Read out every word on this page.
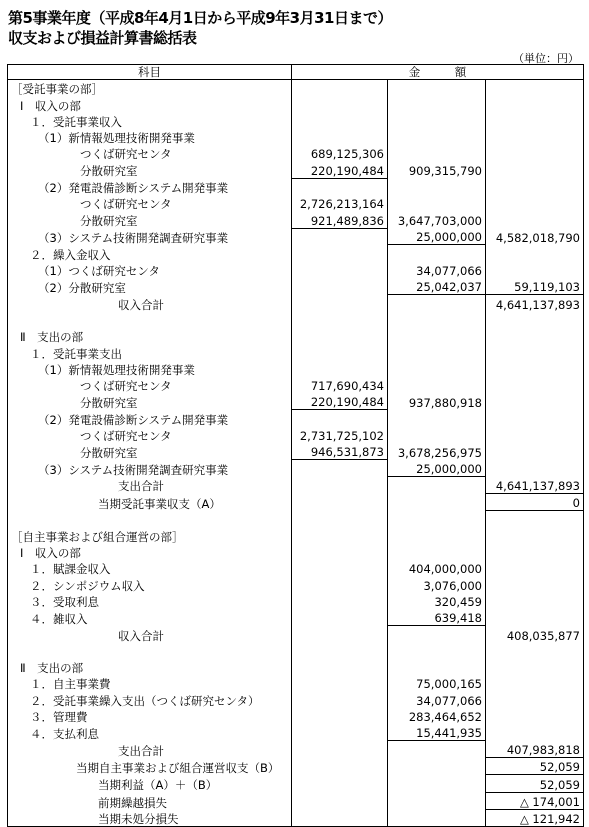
第5事業年度（平成8年4月1日から平成9年3月31日まで）
収支および損益計算書総括表
（単位：円）
科目	金　　　額		
［受託事業の部］			
Ⅰ　収入の部			
１．受託事業収入			
（1）新情報処理技術開発事業			
つくば研究センタ	689,125,306		
分散研究室	220,190,484	909,315,790	
（2）発電設備診断システム開発事業			
つくば研究センタ	2,726,213,164		
分散研究室	921,489,836	3,647,703,000	
（3）システム技術開発調査研究事業		25,000,000	4,582,018,790
２．繰入金収入			
（1）つくば研究センタ		34,077,066	
（2）分散研究室		25,042,037	59,119,103
収入合計			4,641,137,893

Ⅱ　支出の部			
１．受託事業支出			
（1）新情報処理技術開発事業			
つくば研究センタ	717,690,434		
分散研究室	220,190,484	937,880,918	
（2）発電設備診断システム開発事業			
つくば研究センタ	2,731,725,102		
分散研究室	946,531,873	3,678,256,975	
（3）システム技術開発調査研究事業		25,000,000	
支出合計			4,641,137,893
当期受託事業収支（A）			0

［自主事業および組合運営の部］			
Ⅰ　収入の部			
１．賦課金収入		404,000,000	
２．シンポジウム収入		3,076,000	
３．受取利息		320,459	
４．雑収入		639,418	
収入合計			408,035,877

Ⅱ　支出の部			
１．自主事業費		75,000,165	
２．受託事業繰入支出（つくば研究センタ）		34,077,066	
３．管理費		283,464,652	
４．支払利息		15,441,935	
支出合計			407,983,818
当期自主事業および組合運営収支（B）			52,059
当期利益（A）＋（B）			52,059
前期繰越損失			△ 174,001
当期未処分損失			△ 121,942
